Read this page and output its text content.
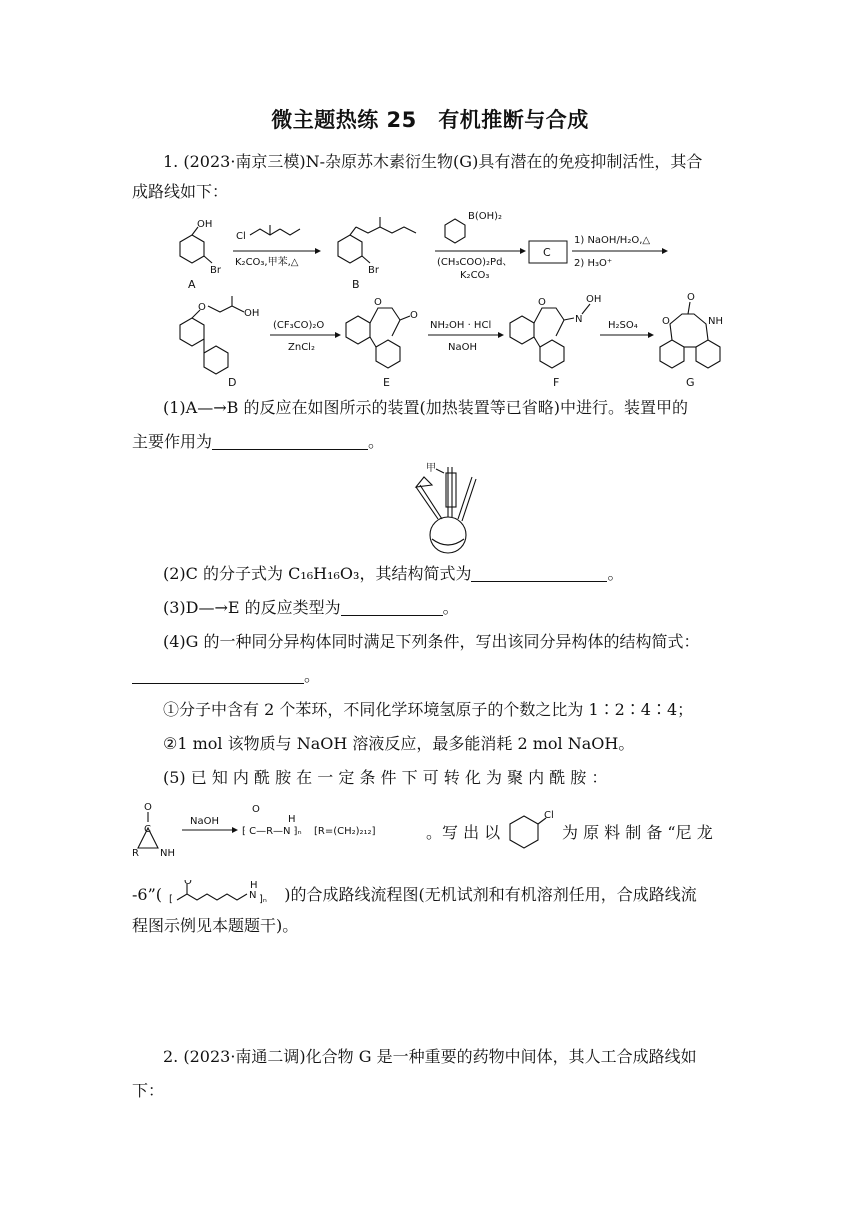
微主题热练 25　有机推断与合成
1. (2023·南京三模)N-杂原苏木素衍生物(G)具有潜在的免疫抑制活性，其合
成路线如下：
OH
Br
A
Cl
K₂CO₃,甲苯,△
Br
B
B(OH)₂
(CH₃COO)₂Pd、
K₂CO₃
C
1) NaOH/H₂O,△
2) H₃O⁺
O
OH
D
(CF₃CO)₂O
ZnCl₂
O
O
E
NH₂OH · HCl
NaOH
O
N
OH
F
H₂SO₄ O	NH
O
G
(1)A—→B 的反应在如图所示的装置(加热装置等已省略)中进行。装置甲的
主要作用为	。
甲
(2)C 的分子式为 C₁₆H₁₆O₃，其结构简式为	。
(3)D—→E 的反应类型为	。
(4)G 的一种同分异构体同时满足下列条件，写出该同分异构体的结构简式：
。
①分子中含有 2 个苯环，不同化学环境氢原子的个数之比为 1∶2∶4∶4；
②1 mol 该物质与 NaOH 溶液反应，最多能消耗 2 mol NaOH。
(5) 已 知 内 酰 胺 在 一 定 条 件 下 可 转 化 为 聚 内 酰 胺 ：
O
C
R NH
NaOH
⁅ C—R—N ⁆ₙ
O
H
[R=(CH₂)₂₁₂]	。写 出 以
Cl
为 原 料 制 备 “尼 龙
-6”( [
O
N
H
]ₙ )的合成路线流程图(无机试剂和有机溶剂任用，合成路线流
程图示例见本题题干)。
2. (2023·南通二调)化合物 G 是一种重要的药物中间体，其人工合成路线如
下：
